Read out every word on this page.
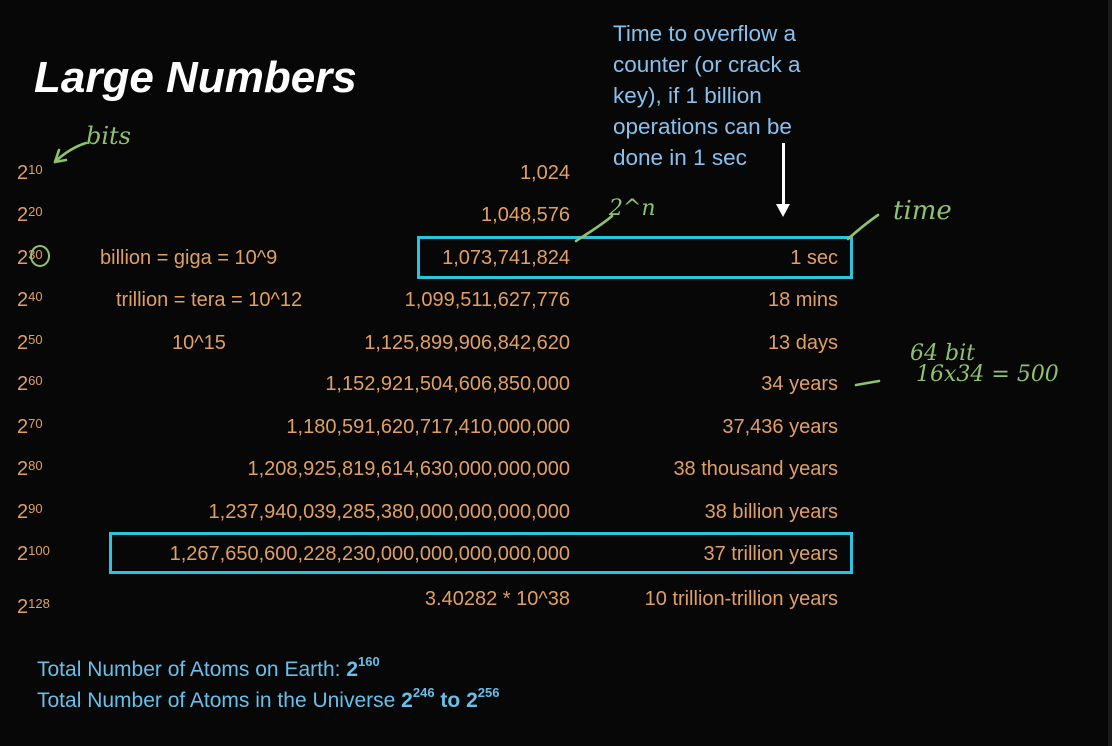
Large Numbers
Time to overflow a
counter (or crack a
key), if 1 billion
operations can be
done in 1 sec
$2^{10}$	1,024
$2^{20}$	1,048,576
$2^{30}$	billion = giga = 10^9	1,073,741,824	1 sec
$2^{40}$	trillion = tera = 10^12	1,099,511,627,776	18 mins
$2^{50}$	10^15	1,125,899,906,842,620	13 days
$2^{60}$	1,152,921,504,606,850,000	34 years
$2^{70}$	1,180,591,620,717,410,000,000	37,436 years
$2^{80}$	1,208,925,819,614,630,000,000,000	38 thousand years
$2^{90}$	1,237,940,039,285,380,000,000,000,000	38 billion years
$2^{100}$	1,267,650,600,228,230,000,000,000,000,000	37 trillion years
$2^{128}$	3.40282 * 10^38	10 trillion-trillion years
Total Number of Atoms on Earth: $2^{160}$
Total Number of Atoms in the Universe $2^{246}$ to $2^{256}$
bits
2^n	time
64 bit
16x34 = 500
